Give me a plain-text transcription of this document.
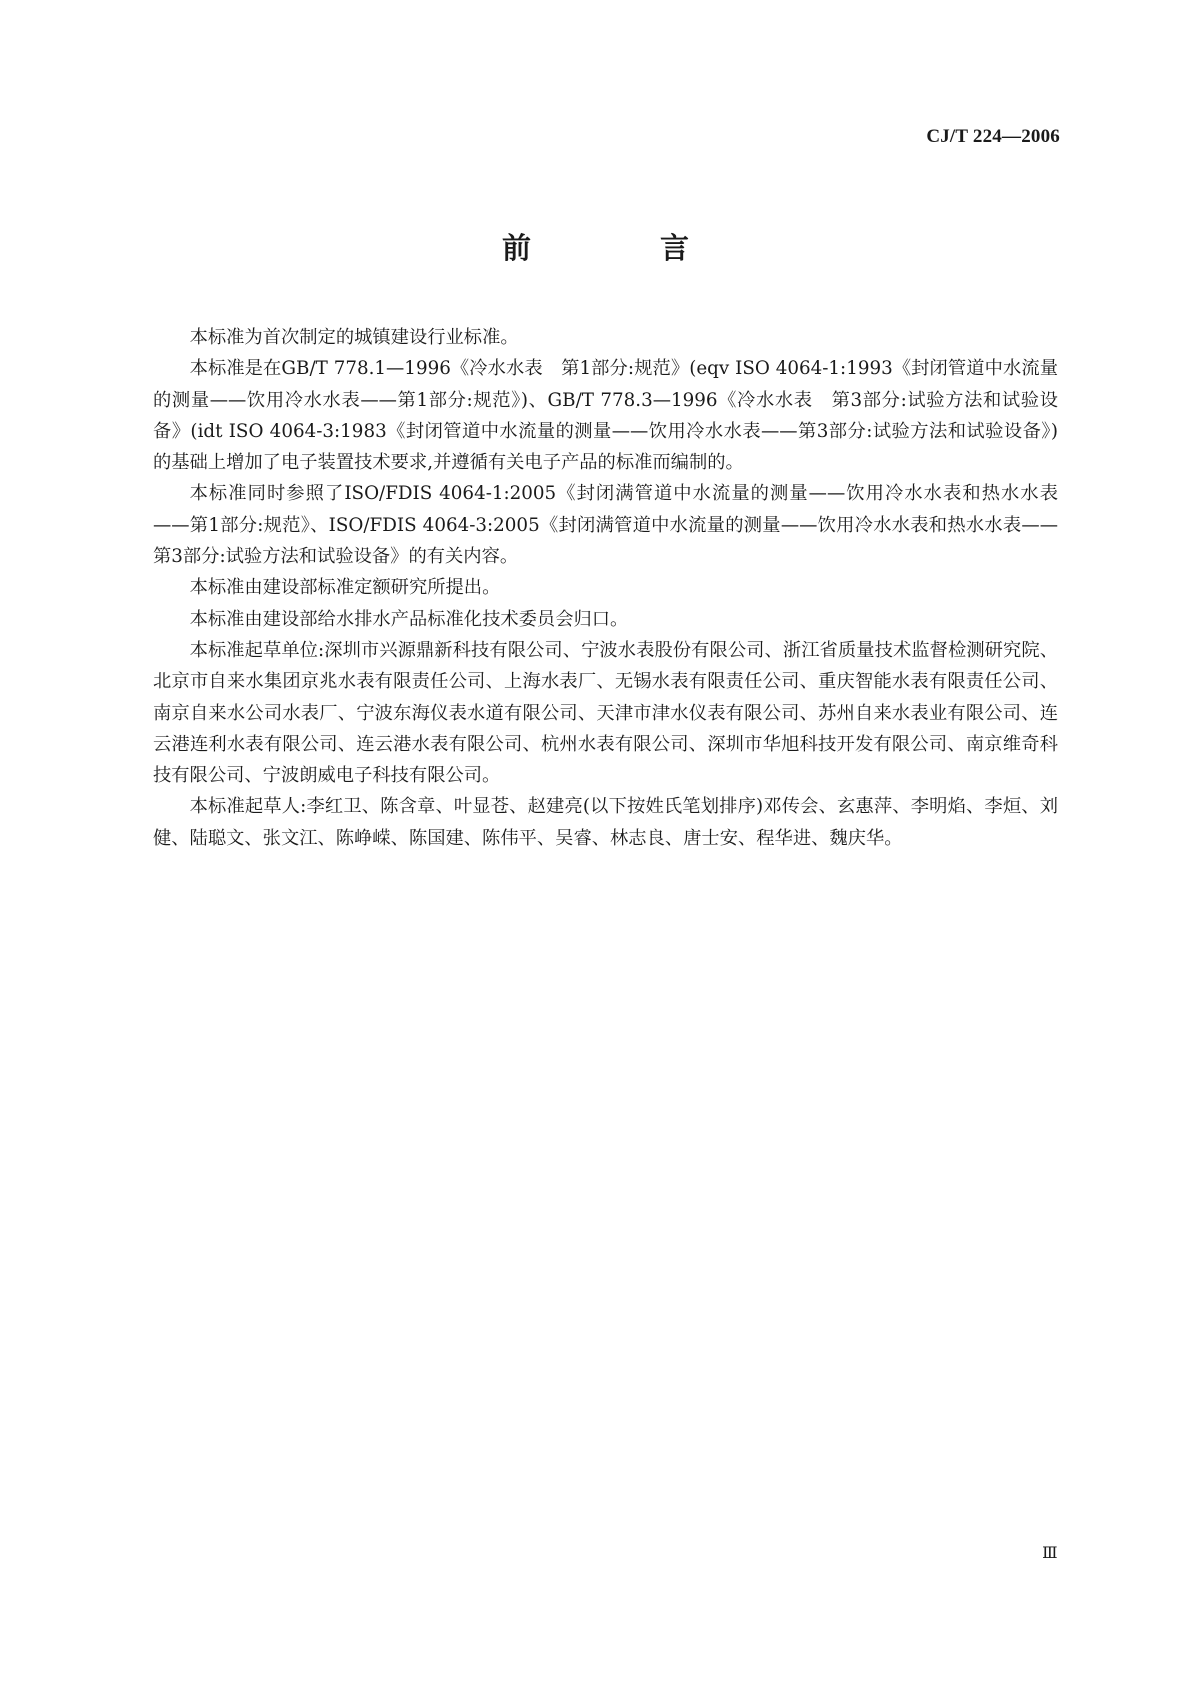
CJ/T 224—2006
前　言

本标准为首次制定的城镇建设行业标准。

本标准是在GB/T 778.1—1996《冷水水表　第1部分:规范》(eqv ISO 4064-1:1993《封闭管道中水流量的测量——饮用冷水水表——第1部分:规范》)、GB/T 778.3—1996《冷水水表　第3部分:试验方法和试验设备》(idt ISO 4064-3:1983《封闭管道中水流量的测量——饮用冷水水表——第3部分:试验方法和试验设备》)的基础上增加了电子装置技术要求,并遵循有关电子产品的标准而编制的。

本标准同时参照了ISO/FDIS 4064-1:2005《封闭满管道中水流量的测量——饮用冷水水表和热水水表——第1部分:规范》、ISO/FDIS 4064-3:2005《封闭满管道中水流量的测量——饮用冷水水表和热水水表——第3部分:试验方法和试验设备》的有关内容。

本标准由建设部标准定额研究所提出。

本标准由建设部给水排水产品标准化技术委员会归口。

本标准起草单位:深圳市兴源鼎新科技有限公司、宁波水表股份有限公司、浙江省质量技术监督检测研究院、北京市自来水集团京兆水表有限责任公司、上海水表厂、无锡水表有限责任公司、重庆智能水表有限责任公司、南京自来水公司水表厂、宁波东海仪表水道有限公司、天津市津水仪表有限公司、苏州自来水表业有限公司、连云港连利水表有限公司、连云港水表有限公司、杭州水表有限公司、深圳市华旭科技开发有限公司、南京维奇科技有限公司、宁波朗威电子科技有限公司。

本标准起草人:李红卫、陈含章、叶显苍、赵建亮(以下按姓氏笔划排序)邓传会、玄惠萍、李明焰、李烜、刘健、陆聪文、张文江、陈峥嵘、陈国建、陈伟平、吴睿、林志良、唐士安、程华进、魏庆华。

Ⅲ
